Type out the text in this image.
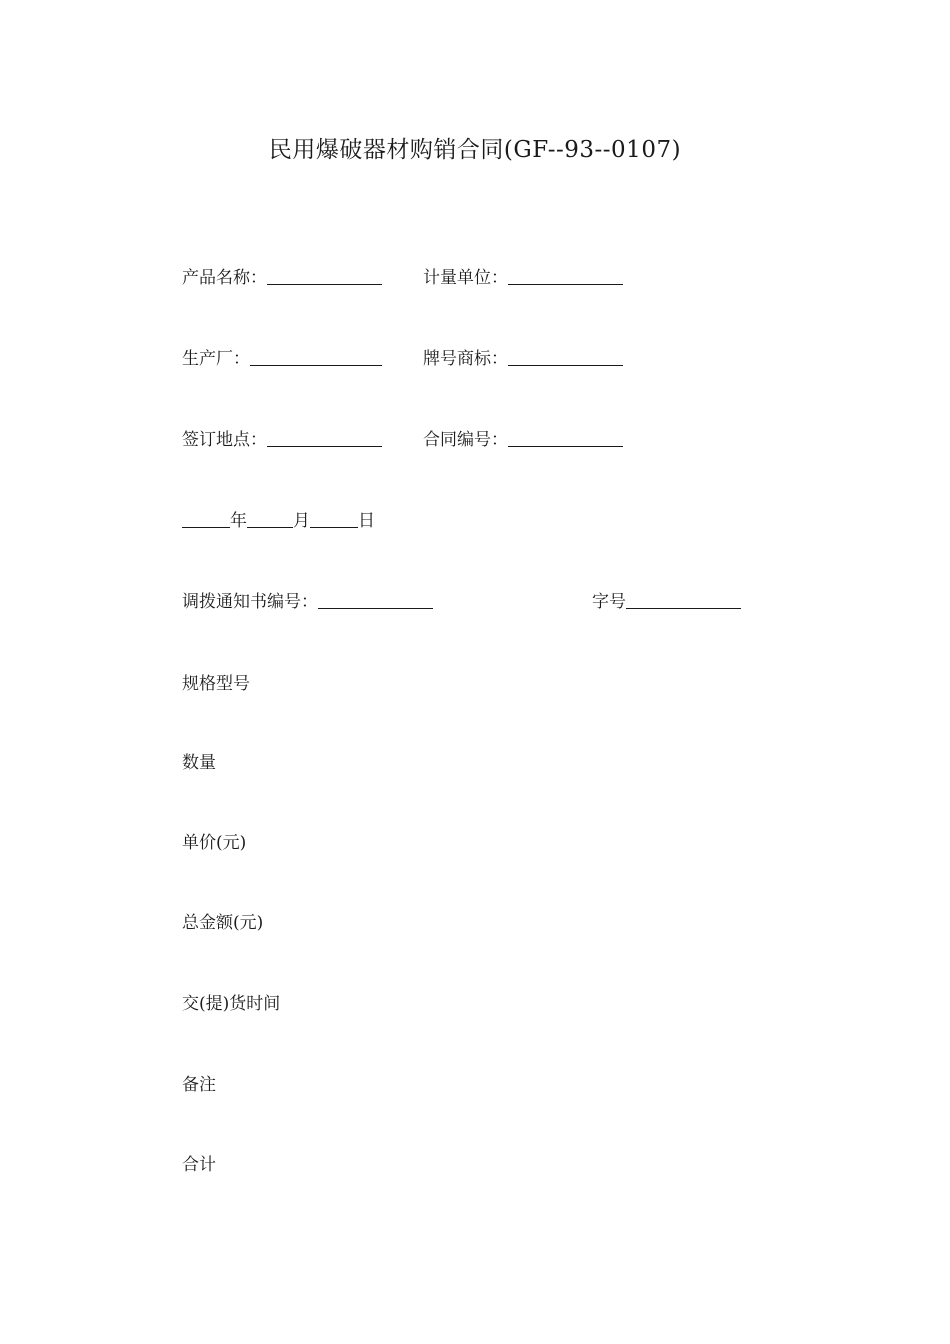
民用爆破器材购销合同(GF--93--0107)
产品名称：	计量单位：
生产厂：	牌号商标：
签订地点：	合同编号：
年	月	日
调拨通知书编号：	字号
规格型号
数量
单价(元)
总金额(元)
交(提)货时间
备注
合计
